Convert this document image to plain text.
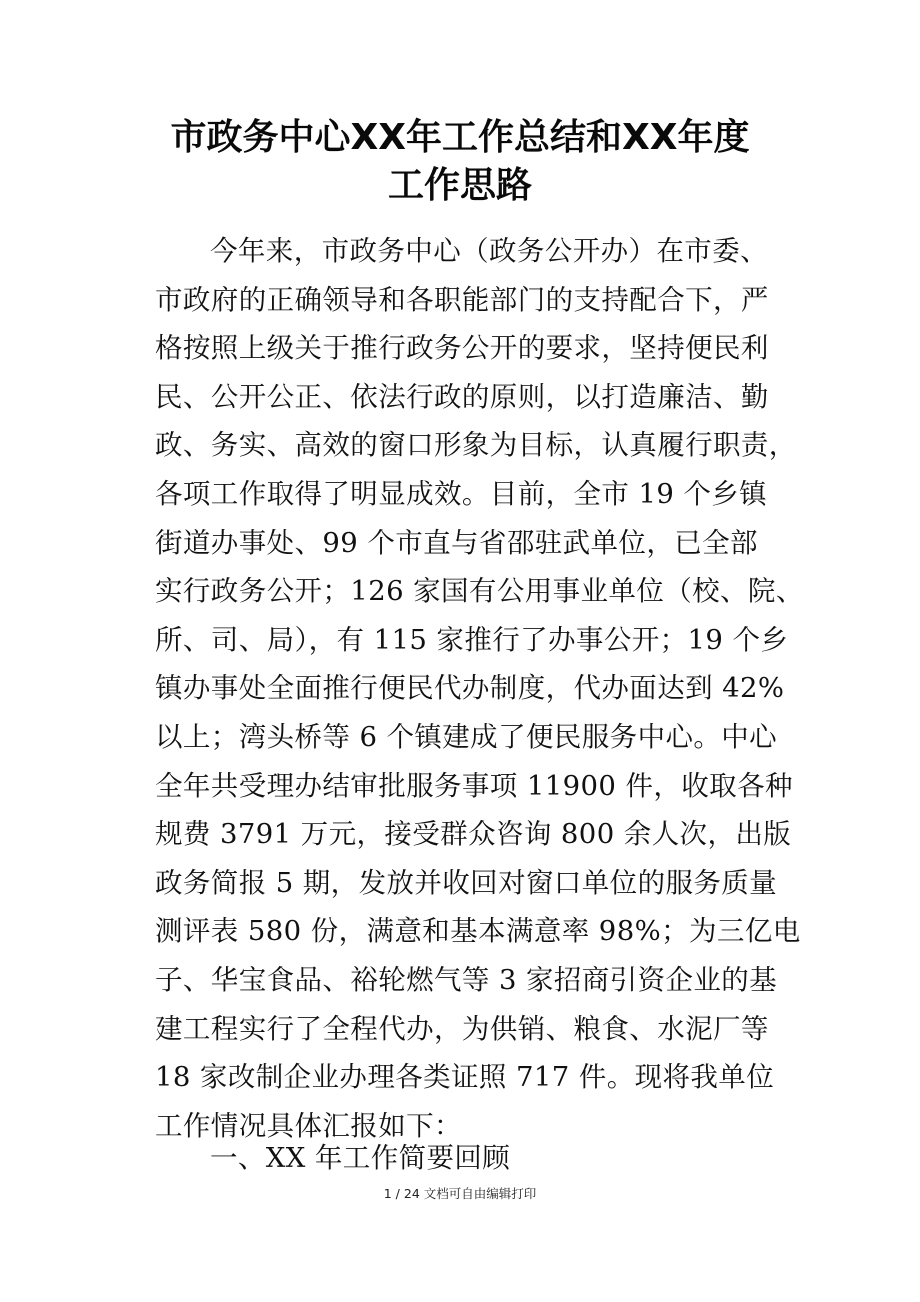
市政务中心XX年工作总结和XX年度
工作思路
今年来，市政务中心（政务公开办）在市委、
市政府的正确领导和各职能部门的支持配合下，严
格按照上级关于推行政务公开的要求，坚持便民利
民、公开公正、依法行政的原则，以打造廉洁、勤
政、务实、高效的窗口形象为目标，认真履行职责，
各项工作取得了明显成效。目前，全市 19 个乡镇
街道办事处、99 个市直与省邵驻武单位，已全部
实行政务公开；126 家国有公用事业单位（校、院、
所、司、局），有 115 家推行了办事公开；19 个乡
镇办事处全面推行便民代办制度，代办面达到 42%
以上；湾头桥等 6 个镇建成了便民服务中心。中心
全年共受理办结审批服务事项 11900 件，收取各种
规费 3791 万元，接受群众咨询 800 余人次，出版
政务简报 5 期，发放并收回对窗口单位的服务质量
测评表 580 份，满意和基本满意率 98%；为三亿电
子、华宝食品、裕轮燃气等 3 家招商引资企业的基
建工程实行了全程代办，为供销、粮食、水泥厂等
18 家改制企业办理各类证照 717 件。现将我单位
工作情况具体汇报如下：
一、XX 年工作简要回顾
1 / 24 文档可自由编辑打印
